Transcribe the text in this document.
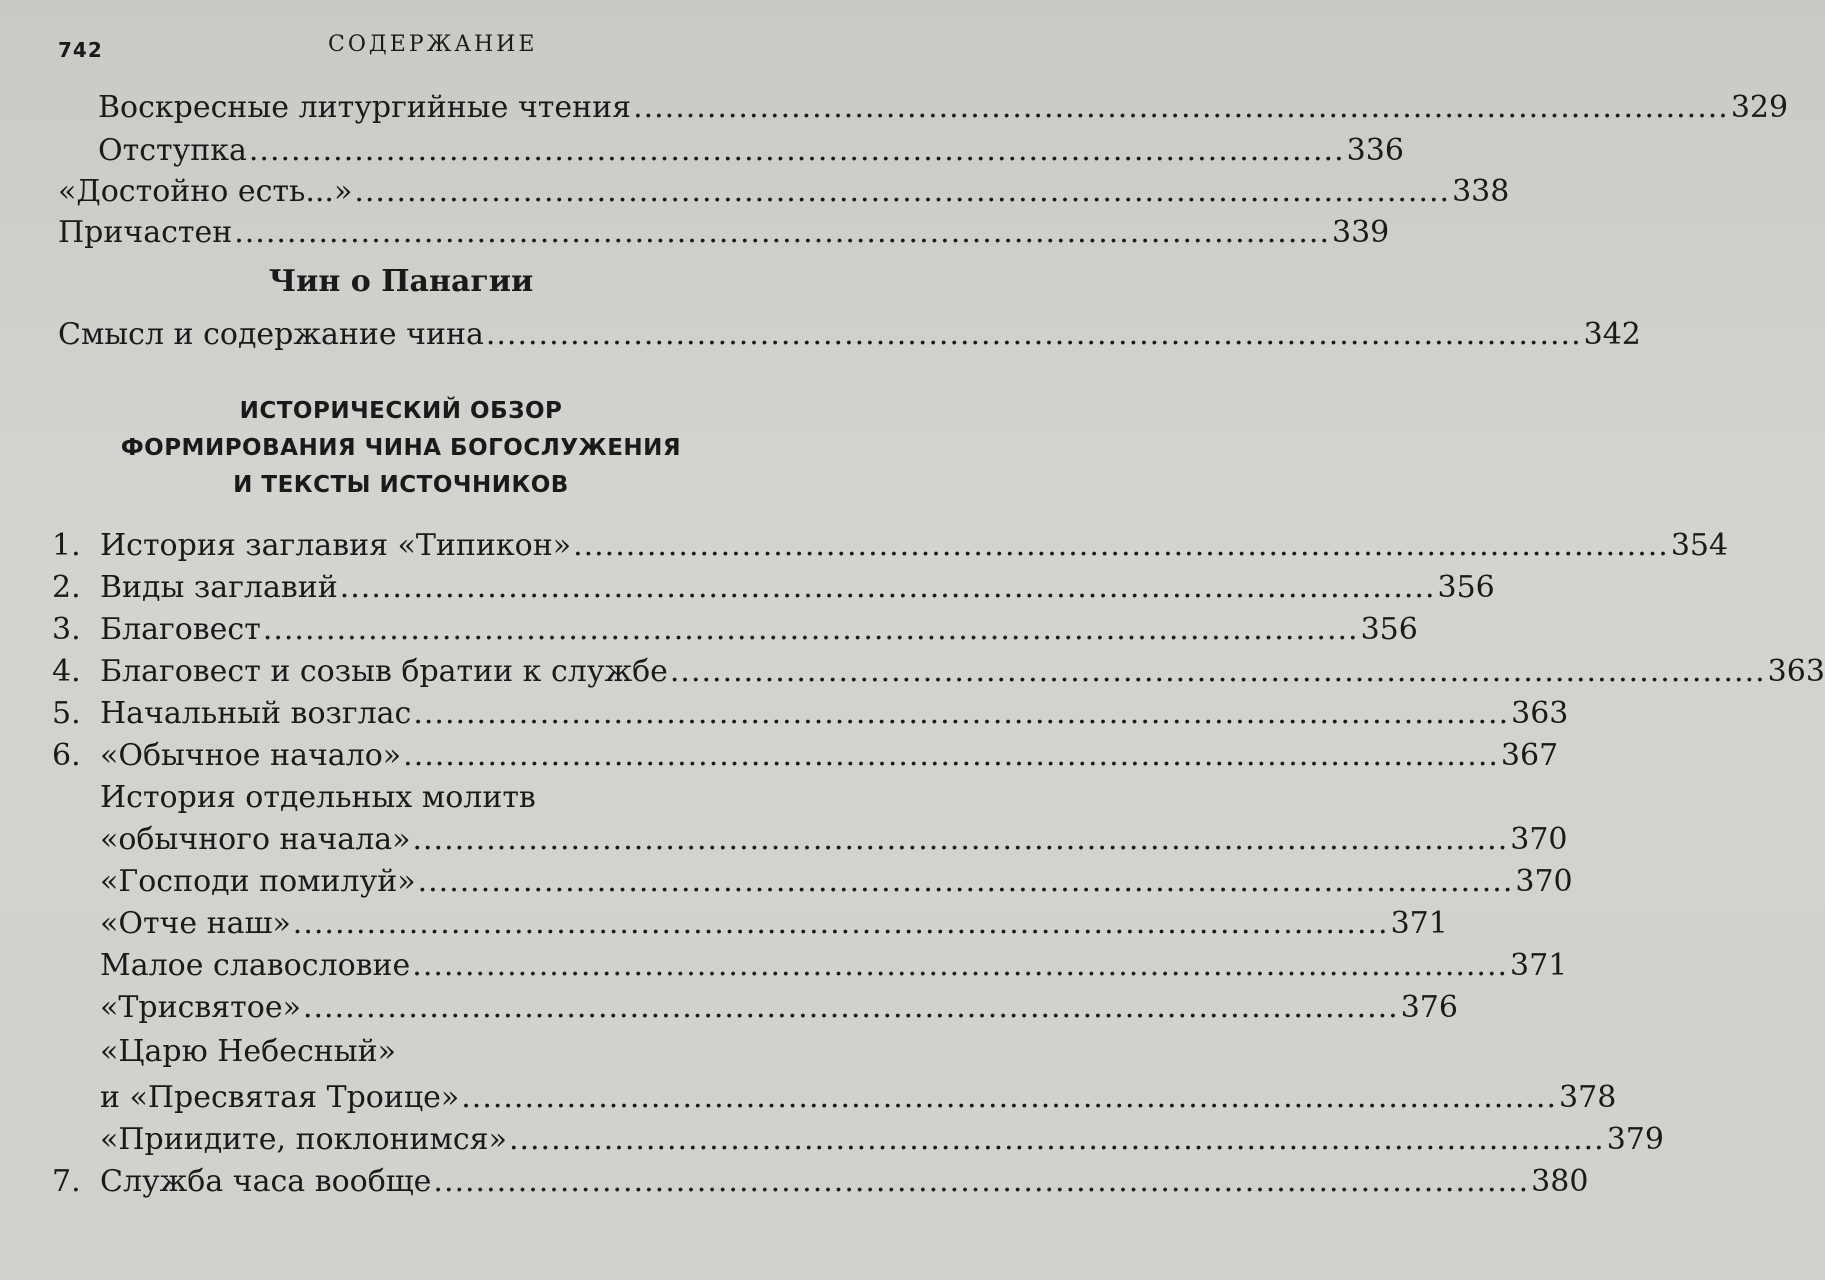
742	СОДЕРЖАНИЕ
Воскресные литургийные чтения ........................................................................................................ 329
Отступка ........................................................................................................ 336
«Достойно есть...» ........................................................................................................ 338
Причастен ........................................................................................................ 339
Чин о Панагии
Смысл и содержание чина ........................................................................................................ 342
ИСТОРИЧЕСКИЙ ОБЗОР
ФОРМИРОВАНИЯ ЧИНА БОГОСЛУЖЕНИЯ
И ТЕКСТЫ ИСТОЧНИКОВ
1. История заглавия «Типикон» ........................................................................................................ 354
2. Виды заглавий ........................................................................................................ 356
3. Благовест ........................................................................................................ 356
4. Благовест и созыв братии к службе ........................................................................................................ 363
5. Начальный возглас ........................................................................................................ 363
6. «Обычное начало» ........................................................................................................ 367
История отдельных молитв
«обычного начала» ........................................................................................................ 370
«Господи помилуй» ........................................................................................................ 370
«Отче наш» ........................................................................................................ 371
Малое славословие ........................................................................................................ 371
«Трисвятое» ........................................................................................................ 376
«Царю Небесный»
и «Пресвятая Троице» ........................................................................................................ 378
«Приидите, поклонимся» ........................................................................................................ 379
7. Служба часа вообще ........................................................................................................ 380
